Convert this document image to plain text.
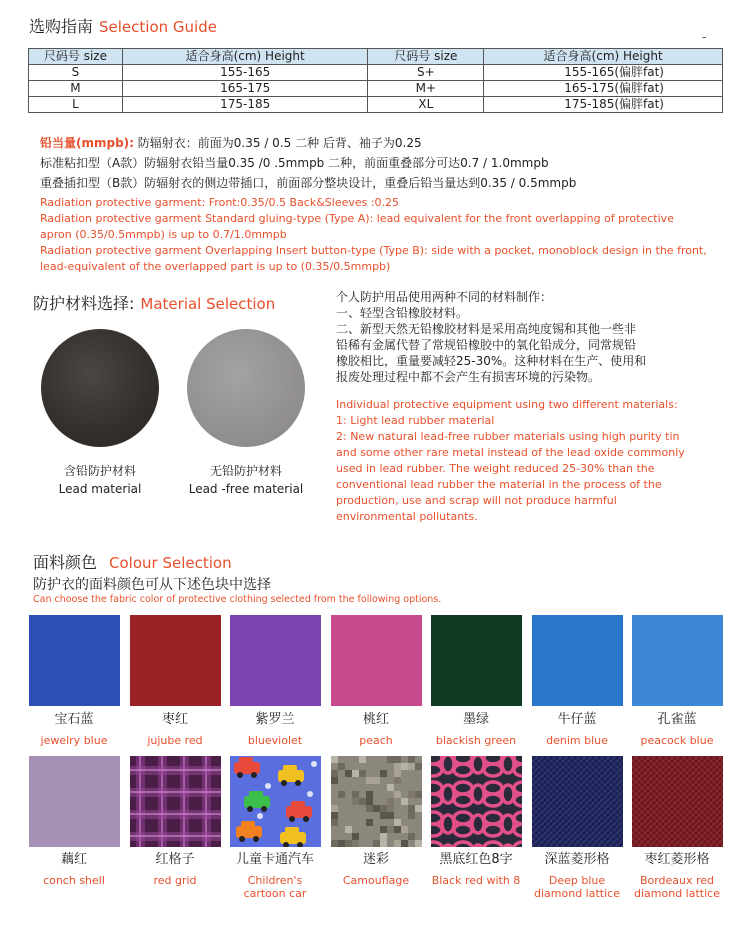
选购指南 Selection Guide
-
尺码号 size	适合身高(cm) Height	尺码号 size	适合身高(cm) Height
S	155-165	S+	155-165(偏胖fat)
M	165-175	M+	165-175(偏胖fat)
L	175-185	XL	175-185(偏胖fat)
铅当量(mmpb): 防辐射衣：前面为0.35 / 0.5 二种 后背、袖子为0.25
标准粘扣型（A款）防辐射衣铅当量0.35 /0 .5mmpb 二种，前面重叠部分可达0.7 / 1.0mmpb
重叠插扣型（B款）防辐射衣的侧边带插口，前面部分整块设计，重叠后铅当量达到0.35 / 0.5mmpb
Radiation protective garment: Front:0.35/0.5 Back&Sleeves :0.25
Radiation protective garment Standard gluing-type (Type A): lead equivalent for the front overlapping of protective
apron (0.35/0.5mmpb) is up to 0.7/1.0mmpb
Radiation protective garment Overlapping Insert button-type (Type B): side with a pocket, monoblock design in the front,
lead-equivalent of the overlapped part is up to (0.35/0.5mmpb)
防护材料选择: Material Selection
含铅防护材料
Lead material
无铅防护材料
Lead -free material
个人防护用品使用两种不同的材料制作：
一、轻型含铅橡胶材料。
二、新型天然无铅橡胶材料是采用高纯度锡和其他一些非
铅稀有金属代替了常规铅橡胶中的氧化铅成分，同常规铅
橡胶相比，重量要减轻25-30%。这种材料在生产、使用和
报废处理过程中都不会产生有损害环境的污染物。
Individual protective equipment using two different materials:
1: Light lead rubber material
2: New natural lead-free rubber materials using high purity tin
and some other rare metal instead of the lead oxide commonly
used in lead rubber. The weight reduced 25-30% than the
conventional lead rubber the material in the process of the
production, use and scrap will not produce harmful
environmental pollutants.
面料颜色 Colour Selection
防护衣的面料颜色可从下述色块中选择
Can choose the fabric color of protective clothing selected from the following options.
宝石蓝
jewelry blue
枣红
jujube red
紫罗兰
blueviolet
桃红
peach
墨绿
blackish green
牛仔蓝
denim blue
孔雀蓝
peacock blue
藕红
conch shell
红格子
red grid
儿童卡通汽车
Children's
cartoon car
迷彩
Camouflage
黑底红色8字
Black red with 8
深蓝菱形格
Deep blue
diamond lattice
枣红菱形格
Bordeaux red
diamond lattice
